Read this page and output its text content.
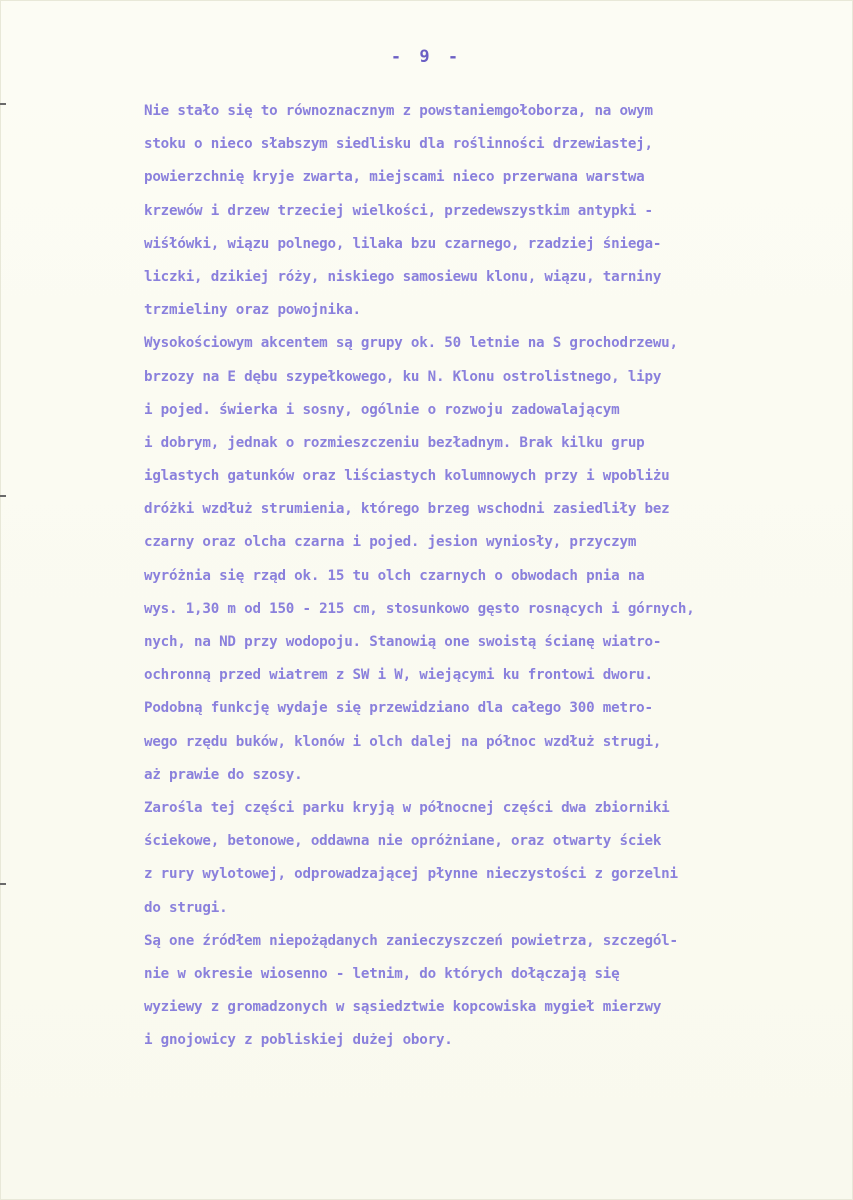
- 9 -
Nie stało się to równoznacznym z powstaniemgołoborza, na owym
stoku o nieco słabszym siedlisku dla roślinności drzewiastej,
powierzchnię kryje zwarta, miejscami nieco przerwana warstwa
krzewów i drzew trzeciej wielkości, przedewszystkim antypki -
wiśłówki, wiązu polnego, lilaka bzu czarnego, rzadziej śniega-
liczki, dzikiej róży, niskiego samosiewu klonu, wiązu, tarniny
trzmieliny oraz powojnika.
Wysokościowym akcentem są grupy ok. 50 letnie na S grochodrzewu,
brzozy na E dębu szypełkowego, ku N. Klonu ostrolistnego, lipy
i pojed. świerka i sosny, ogólnie o rozwoju zadowalającym
i dobrym, jednak o rozmieszczeniu bezładnym. Brak kilku grup
iglastych gatunków oraz liściastych kolumnowych przy i wpobliżu
dróżki wzdłuż strumienia, którego brzeg wschodni zasiedliły bez
czarny oraz olcha czarna i pojed. jesion wyniosły, przyczym
wyróżnia się rząd ok. 15 tu olch czarnych o obwodach pnia na
wys. 1,30 m od 150 - 215 cm, stosunkowo gęsto rosnących i górnych,
nych, na ND przy wodopoju. Stanowią one swoistą ścianę wiatro-
ochronną przed wiatrem z SW i W, wiejącymi ku frontowi dworu.
Podobną funkcję wydaje się przewidziano dla całego 300 metro-
wego rzędu buków, klonów i olch dalej na północ wzdłuż strugi,
aż prawie do szosy.
Zarośla tej części parku kryją w północnej części dwa zbiorniki
ściekowe, betonowe, oddawna nie opróżniane, oraz otwarty ściek
z rury wylotowej, odprowadzającej płynne nieczystości z gorzelni
do strugi.
Są one źródłem niepożądanych zanieczyszczeń powietrza, szczegól-
nie w okresie wiosenno - letnim, do których dołączają się
wyziewy z gromadzonych w sąsiedztwie kopcowiska mygieł mierzwy
i gnojowicy z pobliskiej dużej obory.
